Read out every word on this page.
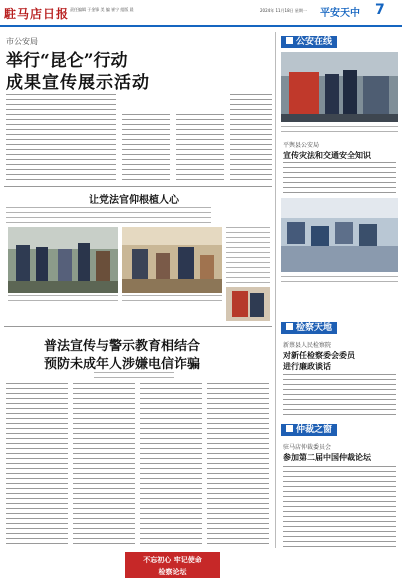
駐马店日报 责任编辑 于金锋 美 编 崔宁 组版 晨	2024年 11月18日 星期一 平安天中 7
市公安局
举行“昆仑”行动
成果宣传展示活动
让党法官仰根植人心
普法宣传与警示教育相结合
预防未成年人涉嫌电信诈骗
公安在线
平舆县公安局
宣传灾法和交通安全知识
检察天地
新蔡县人民检察院
对新任检察委会委员
进行廉政谈话
仲裁之窗
驻马店仲裁委员会
参加第二届中国仲裁论坛
不忘初心 牢记使命
检察论坛
